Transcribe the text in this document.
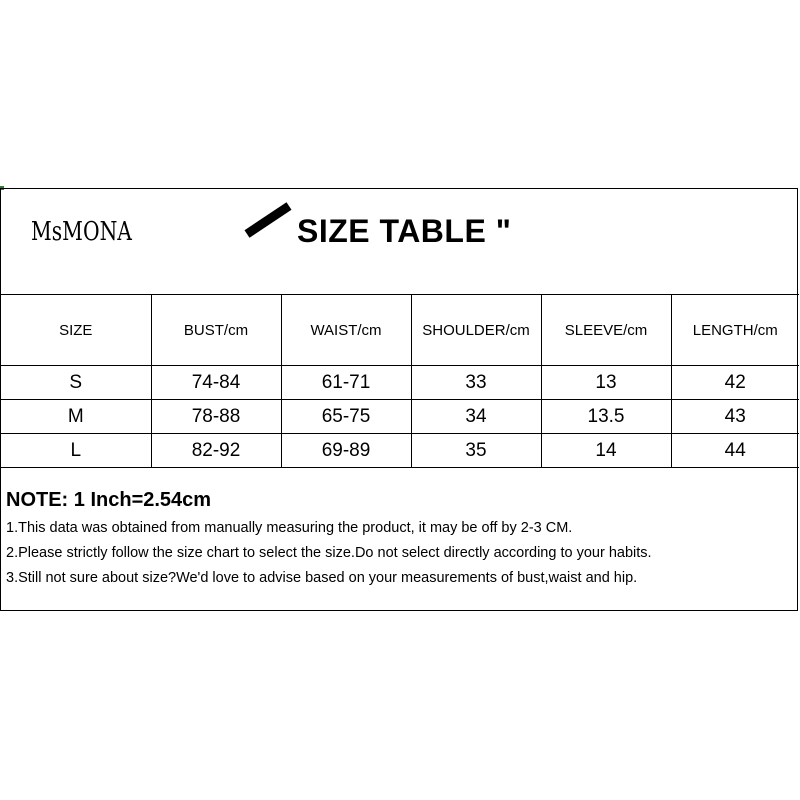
MsMONA	SIZE TABLE "
SIZE	BUST/cm	WAIST/cm	SHOULDER/cm	SLEEVE/cm	LENGTH/cm
S	74-84	61-71	33	13	42
M	78-88	65-75	34	13.5	43
L	82-92	69-89	35	14	44
NOTE: 1 Inch=2.54cm
1.This data was obtained from manually measuring the product, it may be off by 2-3 CM.
2.Please strictly follow the size chart to select the size.Do not select directly according to your habits.
3.Still not sure about size?We'd love to advise based on your measurements of bust,waist and hip.
